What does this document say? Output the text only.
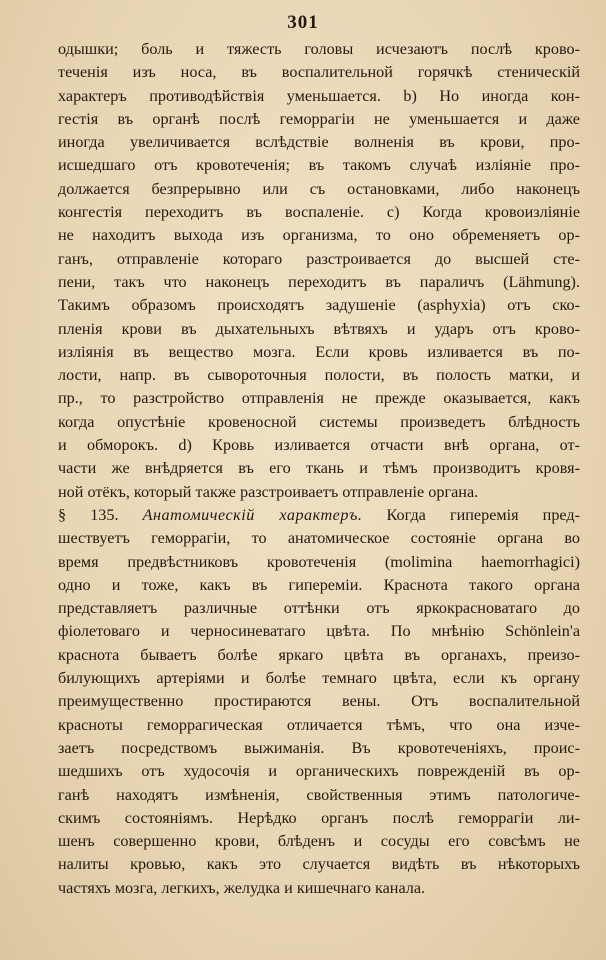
301
одышки; боль и тяжесть головы исчезаютъ послѣ крово-
теченія изъ носа, въ воспалительной горячкѣ стеническій
характеръ противодѣйствія уменьшается. b) Но иногда кон-
гестія въ органѣ послѣ геморрагіи не уменьшается и даже
иногда увеличивается вслѣдствіе волненія въ крови, про-
исшедшаго отъ кровотеченія; въ такомъ случаѣ изліяніе про-
должается безпрерывно или съ остановками, либо наконецъ
конгестія переходитъ въ воспаленіе. c) Когда кровоизліяніе
не находитъ выхода изъ организма, то оно обременяетъ ор-
ганъ, отправленіе котораго разстроивается до высшей сте-
пени, такъ что наконецъ переходитъ въ параличъ (Lähmung).
Такимъ образомъ происходятъ задушеніе (asphyxia) отъ ско-
пленія крови въ дыхательныхъ вѣтвяхъ и ударъ отъ крово-
изліянія въ вещество мозга. Если кровь изливается въ по-
лости, напр. въ сывороточныя полости, въ полость матки, и
пр., то разстройство отправленія не прежде оказывается, какъ
когда опустѣніе кровеносной системы произведетъ блѣдность
и обморокъ. d) Кровь изливается отчасти внѣ органа, от-
части же внѣдряется въ его ткань и тѣмъ производитъ кровя-
ной отёкъ, который также разстроиваетъ отправленіе органа.
§ 135. Анатомическій характеръ. Когда гиперемія пред-
шествуетъ геморрагіи, то анатомическое состояніе органа во
время предвѣстниковъ кровотеченія (molimina haemorrhagici)
одно и тоже, какъ въ гипереміи. Краснота такого органа
представляетъ различные оттѣнки отъ яркокрасноватаго до
фіолетоваго и черносиневатаго цвѣта. По мнѣнію Schönlein'a
краснота бываетъ болѣе яркаго цвѣта въ органахъ, преизо-
билующихъ артеріями и болѣе темнаго цвѣта, если къ органу
преимущественно простираются вены. Отъ воспалительной
красноты геморрагическая отличается тѣмъ, что она изче-
заетъ посредствомъ выжиманія. Въ кровотеченіяхъ, проис-
шедшихъ отъ худосочія и органическихъ поврежденій въ ор-
ганѣ находятъ измѣненія, свойственныя этимъ патологиче-
скимъ состояніямъ. Нерѣдко органъ послѣ геморрагіи ли-
шенъ совершенно крови, блѣденъ и сосуды его совсѣмъ не
налиты кровью, какъ это случается видѣть въ нѣкоторыхъ
частяхъ мозга, легкихъ, желудка и кишечнаго канала.
